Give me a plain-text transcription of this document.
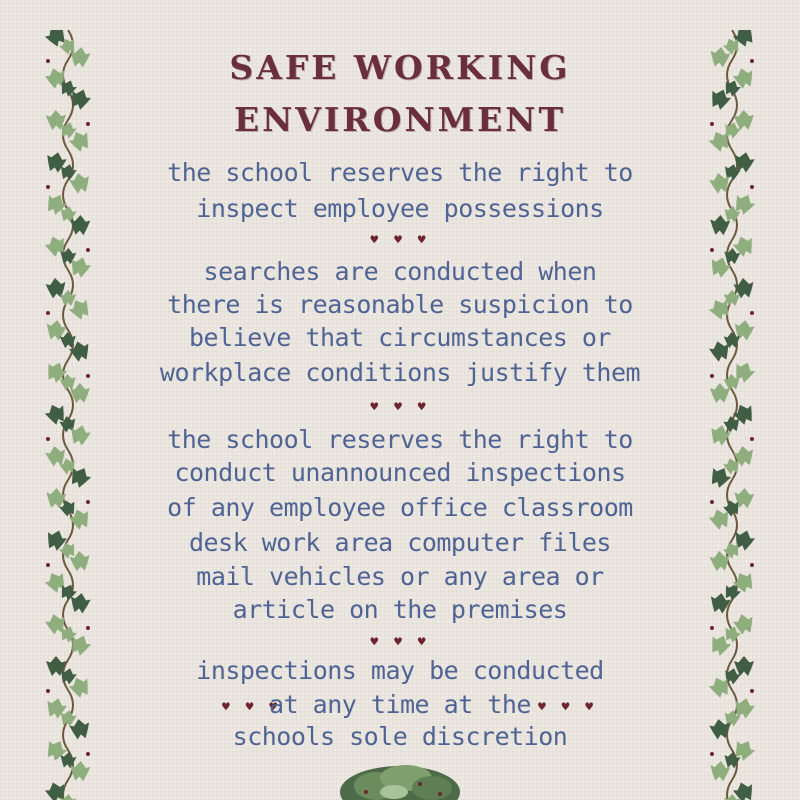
SAFE WORKING
ENVIRONMENT
the school reserves the right to
inspect employee possessions
♥ ♥ ♥
searches are conducted when
there is reasonable suspicion to
believe that circumstances or
workplace conditions justify them
♥ ♥ ♥
the school reserves the right to
conduct unannounced inspections
of any employee office classroom
desk work area computer files
mail vehicles or any area or
article on the premises
♥ ♥ ♥
inspections may be conducted
♥ ♥ ♥
at any time at the ♥ ♥ ♥
schools sole discretion
